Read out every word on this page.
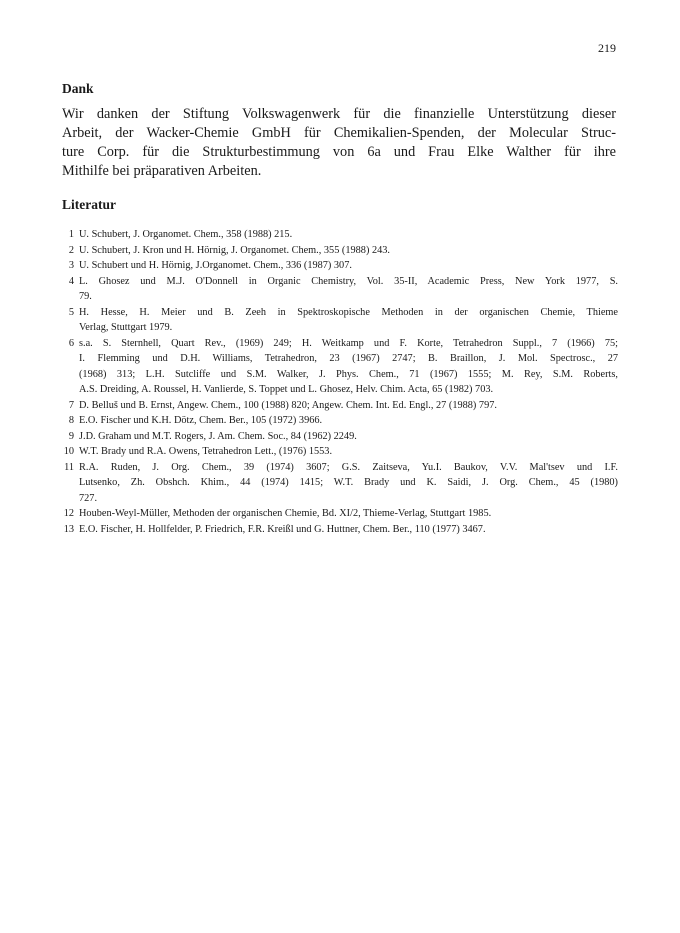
219
Dank
Wir danken der Stiftung Volkswagenwerk für die finanzielle Unterstützung dieser
Arbeit, der Wacker-Chemie GmbH für Chemikalien-Spenden, der Molecular Struc-
ture Corp. für die Strukturbestimmung von 6a und Frau Elke Walther für ihre
Mithilfe bei präparativen Arbeiten.
Literatur
1 U. Schubert, J. Organomet. Chem., 358 (1988) 215.
2 U. Schubert, J. Kron und H. Hörnig, J. Organomet. Chem., 355 (1988) 243.
3 U. Schubert und H. Hörnig, J.Organomet. Chem., 336 (1987) 307.
4 L. Ghosez und M.J. O'Donnell in Organic Chemistry, Vol. 35-II, Academic Press, New York 1977, S.
79.
5 H. Hesse, H. Meier und B. Zeeh in Spektroskopische Methoden in der organischen Chemie, Thieme
Verlag, Stuttgart 1979.
6 s.a. S. Sternhell, Quart Rev., (1969) 249; H. Weitkamp und F. Korte, Tetrahedron Suppl., 7 (1966) 75;
I. Flemming und D.H. Williams, Tetrahedron, 23 (1967) 2747; B. Braillon, J. Mol. Spectrosc., 27
(1968) 313; L.H. Sutcliffe und S.M. Walker, J. Phys. Chem., 71 (1967) 1555; M. Rey, S.M. Roberts,
A.S. Dreiding, A. Roussel, H. Vanlierde, S. Toppet und L. Ghosez, Helv. Chim. Acta, 65 (1982) 703.
7 D. Belluš und B. Ernst, Angew. Chem., 100 (1988) 820; Angew. Chem. Int. Ed. Engl., 27 (1988) 797.
8 E.O. Fischer und K.H. Dötz, Chem. Ber., 105 (1972) 3966.
9 J.D. Graham und M.T. Rogers, J. Am. Chem. Soc., 84 (1962) 2249.
10 W.T. Brady und R.A. Owens, Tetrahedron Lett., (1976) 1553.
11 R.A. Ruden, J. Org. Chem., 39 (1974) 3607; G.S. Zaitseva, Yu.I. Baukov, V.V. Mal'tsev und I.F.
Lutsenko, Zh. Obshch. Khim., 44 (1974) 1415; W.T. Brady und K. Saidi, J. Org. Chem., 45 (1980)
727.
12 Houben-Weyl-Müller, Methoden der organischen Chemie, Bd. XI/2, Thieme-Verlag, Stuttgart 1985.
13 E.O. Fischer, H. Hollfelder, P. Friedrich, F.R. Kreißl und G. Huttner, Chem. Ber., 110 (1977) 3467.
